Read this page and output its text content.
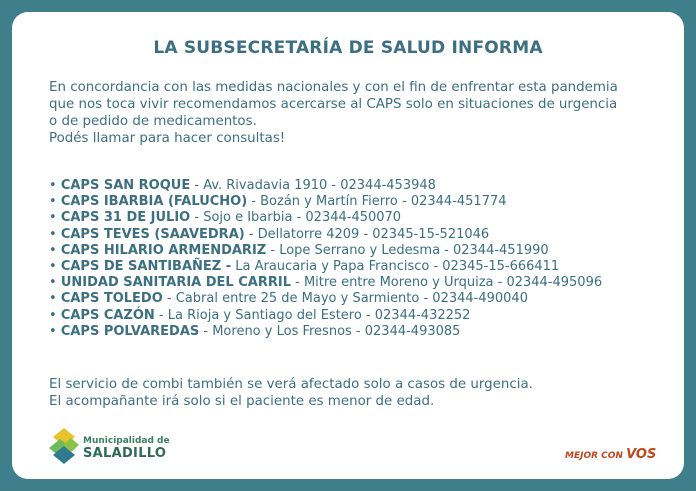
LA SUBSECRETARÍA DE SALUD INFORMA
En concordancia con las medidas nacionales y con el fin de enfrentar esta pandemia
que nos toca vivir recomendamos acercarse al CAPS solo en situaciones de urgencia
o de pedido de medicamentos.
Podés llamar para hacer consultas!
• CAPS SAN ROQUE - Av. Rivadavia 1910 - 02344-453948
• CAPS IBARBIA (FALUCHO) - Bozán y Martín Fierro - 02344-451774
• CAPS 31 DE JULIO - Sojo e Ibarbia - 02344-450070
• CAPS TEVES (SAAVEDRA) - Dellatorre 4209 - 02345-15-521046
• CAPS HILARIO ARMENDARIZ - Lope Serrano y Ledesma - 02344-451990
• CAPS DE SANTIBAÑEZ - La Araucaria y Papa Francisco - 02345-15-666411
• UNIDAD SANITARIA DEL CARRIL - Mitre entre Moreno y Urquiza - 02344-495096
• CAPS TOLEDO - Cabral entre 25 de Mayo y Sarmiento - 02344-490040
• CAPS CAZÓN - La Rioja y Santiago del Estero - 02344-432252
• CAPS POLVAREDAS - Moreno y Los Fresnos - 02344-493085
El servicio de combi también se verá afectado solo a casos de urgencia.
El acompañante irá solo si el paciente es menor de edad.
Municipalidad de
SALADILLO	MEJOR CON VOS
